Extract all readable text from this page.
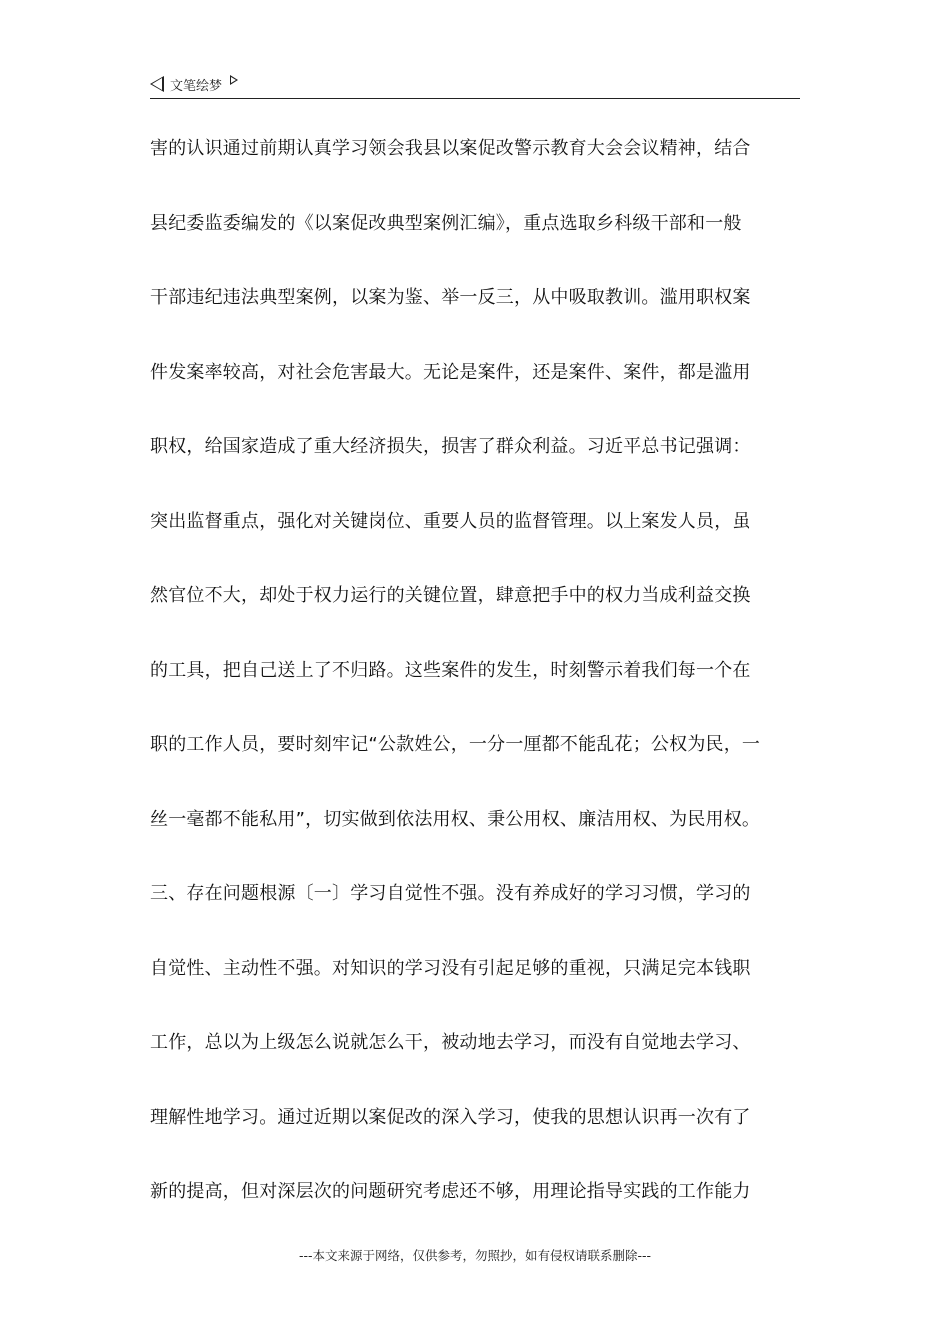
文笔绘梦
害的认识通过前期认真学习领会我县以案促改警示教育大会会议精神，结合
县纪委监委编发的《以案促改典型案例汇编》，重点选取乡科级干部和一般
干部违纪违法典型案例，以案为鉴、举一反三，从中吸取教训。滥用职权案
件发案率较高，对社会危害最大。无论是案件，还是案件、案件，都是滥用
职权，给国家造成了重大经济损失，损害了群众利益。习近平总书记强调：
突出监督重点，强化对关键岗位、重要人员的监督管理。以上案发人员，虽
然官位不大，却处于权力运行的关键位置，肆意把手中的权力当成利益交换
的工具，把自己送上了不归路。这些案件的发生，时刻警示着我们每一个在
职的工作人员，要时刻牢记“公款姓公，一分一厘都不能乱花；公权为民，一
丝一毫都不能私用”，切实做到依法用权、秉公用权、廉洁用权、为民用权。
三、存在问题根源〔一〕学习自觉性不强。没有养成好的学习习惯，学习的
自觉性、主动性不强。对知识的学习没有引起足够的重视，只满足完本钱职
工作，总以为上级怎么说就怎么干，被动地去学习，而没有自觉地去学习、
理解性地学习。通过近期以案促改的深入学习，使我的思想认识再一次有了
新的提高，但对深层次的问题研究考虑还不够，用理论指导实践的工作能力
---本文来源于网络，仅供参考，勿照抄，如有侵权请联系删除---
